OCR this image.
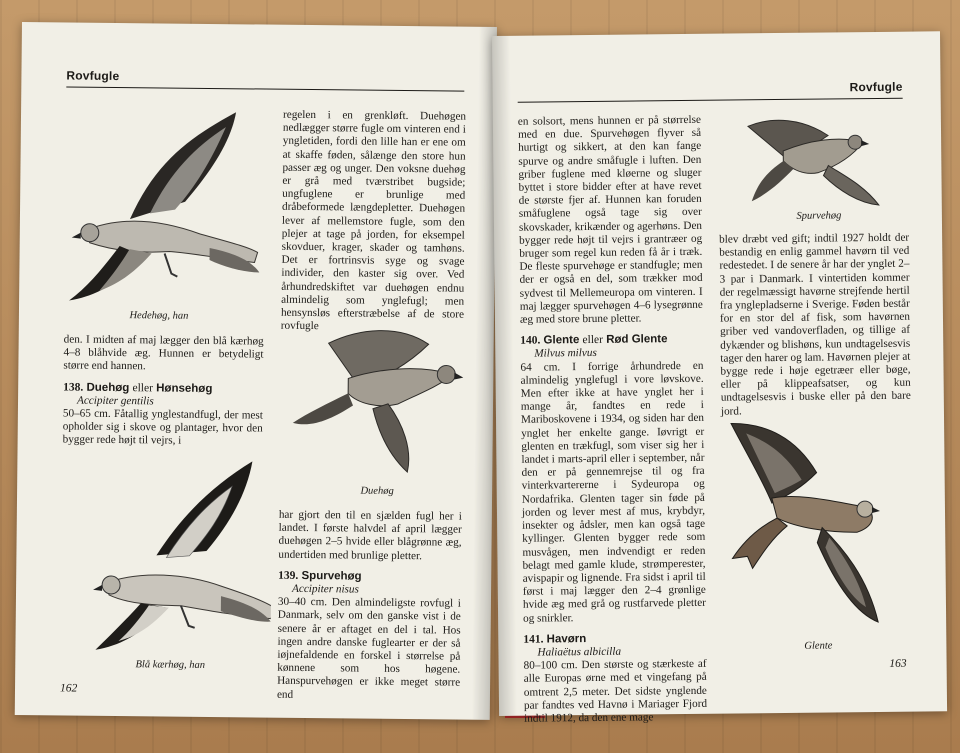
Rovfugle
Hedehøg, han

den. I midten af maj lægger den blå kærhøg 4–8 blåhvide æg. Hunnen er betydeligt større end hannen.

138. Duehøg eller Hønsehøg

Accipiter gentilis

50–65 cm. Fåtallig ynglestandfugl, der mest opholder sig i skove og plantager, hvor den bygger rede højt til vejrs, i

Blå kærhøg, han
162

regelen i en grenkløft. Duehøgen nedlægger større fugle om vinteren end i yngletiden, fordi den lille han er ene om at skaffe føden, sålænge den store hun passer æg og unger. Den voksne duehøg er grå med tværstribet bugside; ungfuglene er brunlige med dråbeformede længdepletter. Duehøgen lever af mellemstore fugle, som den plejer at tage på jorden, for eksempel skovduer, krager, skader og tamhøns. Det er fortrinsvis syge og svage individer, den kaster sig over. Ved århundredskiftet var duehøgen endnu almindelig som ynglefugl; men hensynsløs efterstræbelse af de store rovfugle

Duehøg

har gjort den til en sjælden fugl her i landet. I første halvdel af april lægger duehøgen 2–5 hvide eller blågrønne æg, undertiden med brunlige pletter.

139. Spurvehøg

Accipiter nisus

30–40 cm. Den almindeligste rovfugl i Danmark, selv om den ganske vist i de senere år er aftaget en del i tal. Hos ingen andre danske fuglearter er der så iøjnefaldende en forskel i størrelse på kønnene som hos høgene. Hanspurvehøgen er ikke meget større end

Rovfugle

en solsort, mens hunnen er på størrelse med en due. Spurvehøgen flyver så hurtigt og sikkert, at den kan fange spurve og andre småfugle i luften. Den griber fuglene med kløerne og sluger byttet i store bidder efter at have revet de største fjer af. Hunnen kan foruden småfuglene også tage sig over skovskader, krikænder og agerhøns. Den bygger rede højt til vejrs i grantræer og bruger som regel kun reden få år i træk. De fleste spurvehøge er standfugle; men der er også en del, som trækker mod sydvest til Mellemeuropa om vinteren. I maj lægger spurvehøgen 4–6 lysegrønne æg med store brune pletter.

140. Glente eller Rød Glente

Milvus milvus

64 cm. I forrige århundrede en almindelig ynglefugl i vore løvskove. Men efter ikke at have ynglet her i mange år, fandtes en rede i Mariboskovene i 1934, og siden har den ynglet her enkelte gange. Iøvrigt er glenten en trækfugl, som viser sig her i landet i marts-april eller i september, når den er på gennemrejse til og fra vinterkvartererne i Sydeuropa og Nordafrika. Glenten tager sin føde på jorden og lever mest af mus, krybdyr, insekter og ådsler, men kan også tage kyllinger. Glenten bygger rede som musvågen, men indvendigt er reden belagt med gamle klude, strømperester, avispapir og lignende. Fra sidst i april til først i maj lægger den 2–4 grønlige hvide æg med grå og rustfarvede pletter og snirkler.

141. Havørn

Haliaëtus albicilla

80–100 cm. Den største og stærkeste af alle Europas ørne med et vingefang på omtrent 2,5 meter. Det sidste ynglende par fandtes ved Havnø i Mariager Fjord indtil 1912, da den ene mage

Spurvehøg

blev dræbt ved gift; indtil 1927 holdt der bestandig en enlig gammel havørn til ved redestedet. I de senere år har der ynglet 2–3 par i Danmark. I vintertiden kommer der regelmæssigt havørne strejfende hertil fra ynglepladserne i Sverige. Føden består for en stor del af fisk, som havørnen griber ved vandoverfladen, og tillige af dykænder og blishøns, kun undtagelsesvis tager den harer og lam. Havørnen plejer at bygge rede i høje egetræer eller bøge, eller på klippeafsatser, og kun undtagelsesvis i buske eller på den bare jord.

Glente
163
